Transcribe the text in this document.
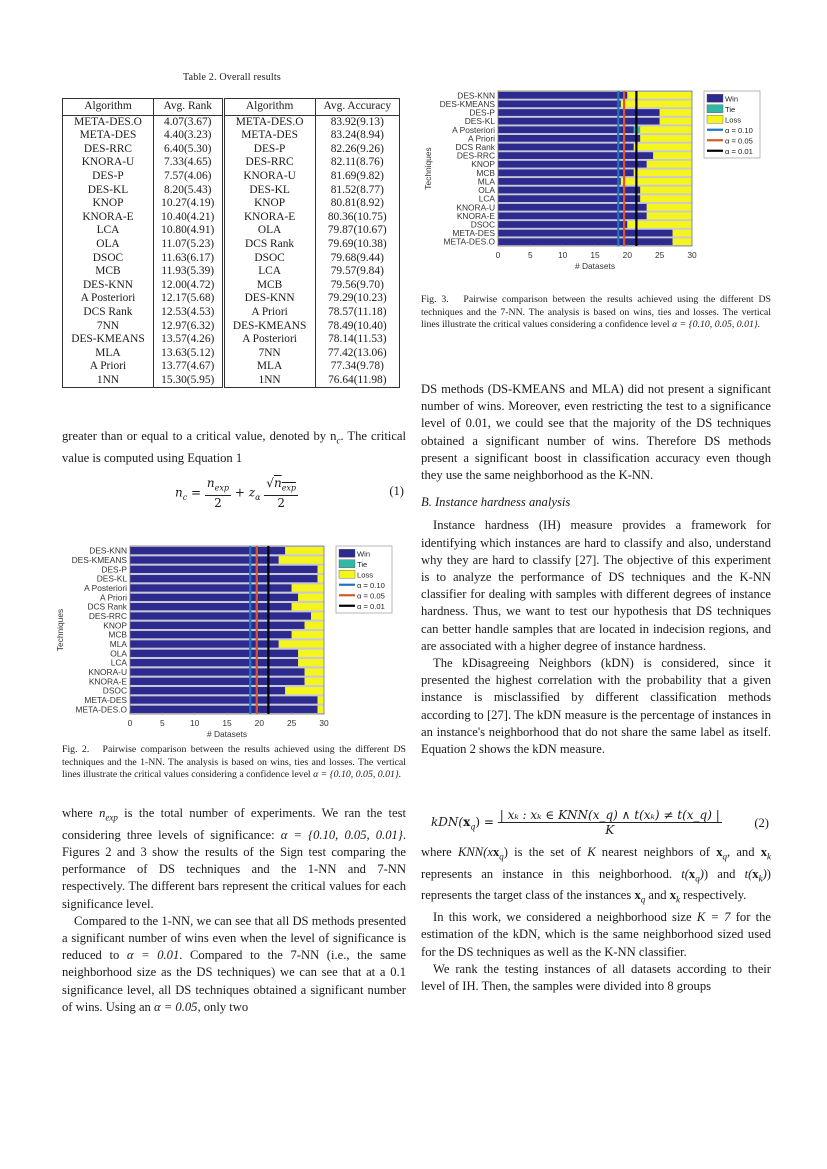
Table 2. Overall results
Algorithm	Avg. Rank	Algorithm	Avg. Accuracy
META-DES.O	4.07(3.67)	META-DES.O	83.92(9.13)
META-DES	4.40(3.23)	META-DES	83.24(8.94)
DES-RRC	6.40(5.30)	DES-P	82.26(9.26)
KNORA-U	7.33(4.65)	DES-RRC	82.11(8.76)
DES-P	7.57(4.06)	KNORA-U	81.69(9.82)
DES-KL	8.20(5.43)	DES-KL	81.52(8.77)
KNOP	10.27(4.19)	KNOP	80.81(8.92)
KNORA-E	10.40(4.21)	KNORA-E	80.36(10.75)
LCA	10.80(4.91)	OLA	79.87(10.67)
OLA	11.07(5.23)	DCS Rank	79.69(10.38)
DSOC	11.63(6.17)	DSOC	79.68(9.44)
MCB	11.93(5.39)	LCA	79.57(9.84)
DES-KNN	12.00(4.72)	MCB	79.56(9.70)
A Posteriori	12.17(5.68)	DES-KNN	79.29(10.23)
DCS Rank	12.53(4.53)	A Priori	78.57(11.18)
7NN	12.97(6.32)	DES-KMEANS	78.49(10.40)
DES-KMEANS	13.57(4.26)	A Posteriori	78.14(11.53)
MLA	13.63(5.12)	7NN	77.42(13.06)
A Priori	13.77(4.67)	MLA	77.34(9.78)
1NN	15.30(5.95)	1NN	76.64(11.98)

greater than or equal to a critical value, denoted by $n_c$. The critical value is computed using Equation 1

$n_c = \frac{n_{exp}}{2} + z_\alpha \frac{√n_{exp}}{2}$	(1)
DES-KNN
DES-KMEANS
DES-P
DES-KL
A Posteriori
A Priori
DCS Rank
DES-RRC
KNOP
MCB
MLA
OLA
LCA
KNORA-U
KNORA-E
DSOC
META-DES
META-DES.O
0	5	10	15	20	25	30
# Datasets
Techniques
Win
Tie
Loss
α = 0.10
α = 0.05
α = 0.01

Fig. 2. Pairwise comparison between the results achieved using the different DS techniques and the 1-NN. The analysis is based on wins, ties and losses. The vertical lines illustrate the critical values considering a confidence level α = {0.10, 0.05, 0.01}.

where $n_{exp}$ is the total number of experiments. We ran the test considering three levels of significance: α = {0.10, 0.05, 0.01}. Figures 2 and 3 show the results of the Sign test comparing the performance of DS techniques and the 1-NN and 7-NN respectively. The different bars represent the critical values for each significance level.

Compared to the 1-NN, we can see that all DS methods presented a significant number of wins even when the level of significance is reduced to α = 0.01. Compared to the 7-NN (i.e., the same neighborhood size as the DS techniques) we can see that at a 0.1 significance level, all DS techniques obtained a significant number of wins. Using an α = 0.05, only two

DES-KNN
DES-KMEANS
DES-P
DES-KL
A Posteriori
A Priori
DCS Rank
DES-RRC
KNOP
MCB
MLA
OLA
LCA
KNORA-U
KNORA-E
DSOC
META-DES
META-DES.O
0	5	10	15	20	25	30
# Datasets
Techniques
Win
Tie
Loss
α = 0.10
α = 0.05
α = 0.01

Fig. 3. Pairwise comparison between the results achieved using the different DS techniques and the 7-NN. The analysis is based on wins, ties and losses. The vertical lines illustrate the critical values considering a confidence level α = {0.10, 0.05, 0.01}.

DS methods (DS-KMEANS and MLA) did not present a significant number of wins. Moreover, even restricting the test to a significance level of 0.01, we could see that the majority of the DS techniques obtained a significant number of wins. Therefore DS methods present a significant boost in classification accuracy even though they use the same neighborhood as the K-NN.

B. Instance hardness analysis

Instance hardness (IH) measure provides a framework for identifying which instances are hard to classify and also, understand why they are hard to classify [27]. The objective of this experiment is to analyze the performance of DS techniques and the K-NN classifier for dealing with samples with different degrees of instance hardness. Thus, we want to test our hypothesis that DS techniques can better handle samples that are located in indecision regions, and are associated with a higher degree of instance hardness.

The kDisagreeing Neighbors (kDN) is considered, since it presented the highest correlation with the probability that a given instance is misclassified by different classification methods according to [27]. The kDN measure is the percentage of instances in an instance's neighborhood that do not share the same label as itself. Equation 2 shows the kDN measure.

$kDN(x_q) = \frac{\text{| xₖ : xₖ ∈ KNN(x\_q) ∧ t(xₖ) ≠ t(x\_q) |}}{K}$	(2)

where $KNN(xx_q)$ is the set of K nearest neighbors of $x_q$, and $x_k$ represents an instance in this neighborhood. $t(x_q)$) and $t(x_k)$) represents the target class of the instances $x_q$ and $x_k$ respectively.

In this work, we considered a neighborhood size K = 7 for the estimation of the kDN, which is the same neighborhood sized used for the DS techniques as well as the K-NN classifier.

We rank the testing instances of all datasets according to their level of IH. Then, the samples were divided into 8 groups
